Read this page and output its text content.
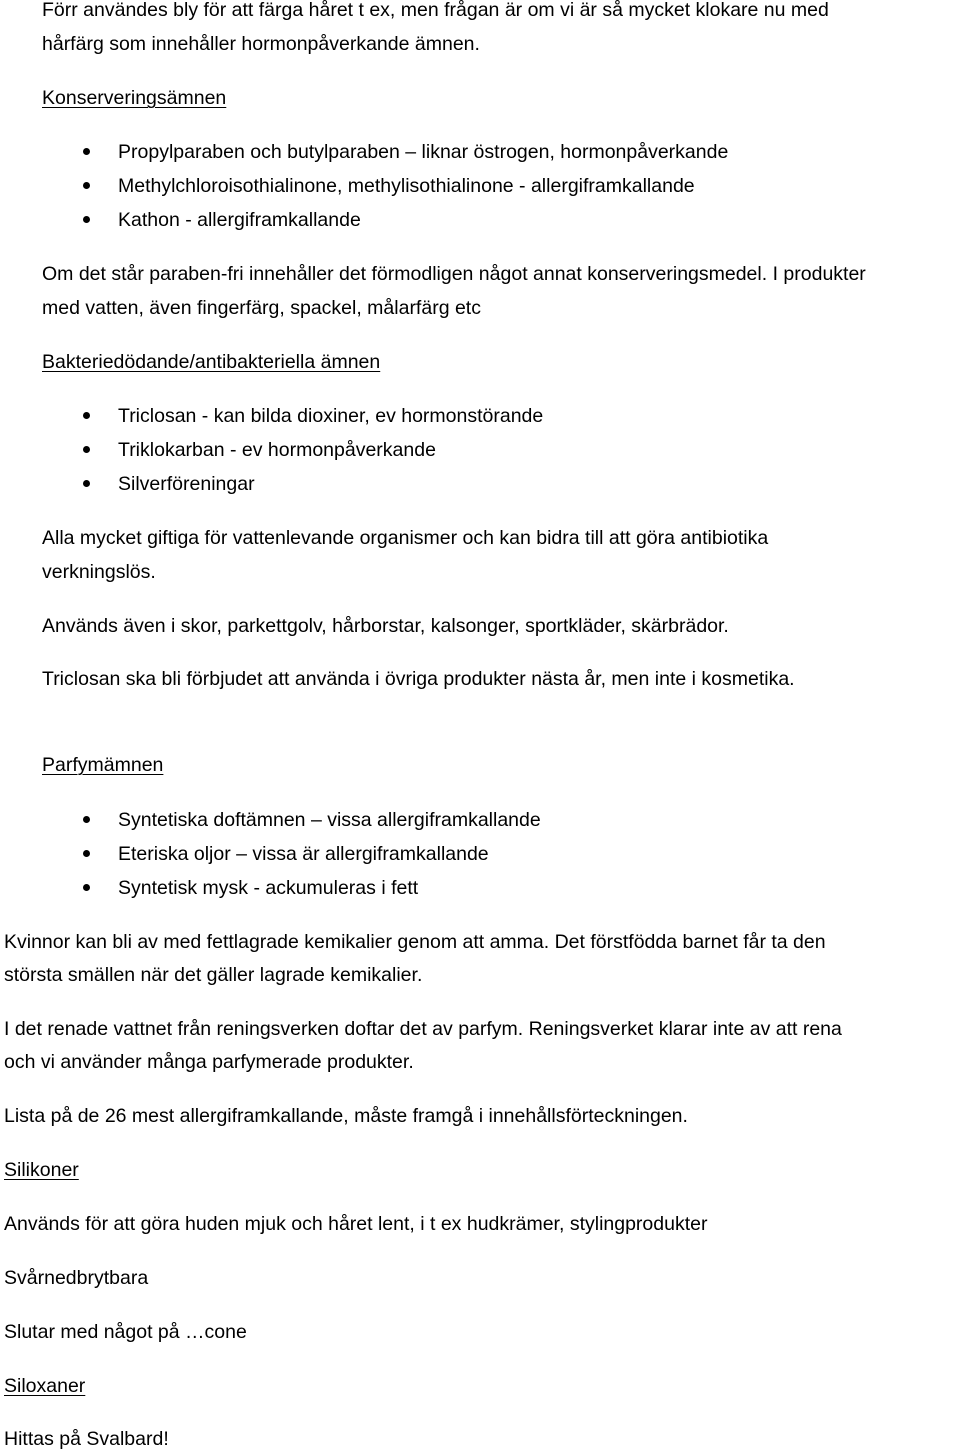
Förr användes bly för att färga håret t ex, men frågan är om vi är så mycket klokare nu med

hårfärg som innehåller hormonpåverkande ämnen.

Konserveringsämnen

Propylparaben och butylparaben – liknar östrogen, hormonpåverkande

Methylchloroisothialinone, methylisothialinone - allergiframkallande

Kathon - allergiframkallande

Om det står paraben-fri innehåller det förmodligen något annat konserveringsmedel. I produkter

med vatten, även fingerfärg, spackel, målarfärg etc

Bakteriedödande/antibakteriella ämnen

Triclosan - kan bilda dioxiner, ev hormonstörande

Triklokarban - ev hormonpåverkande

Silverföreningar

Alla mycket giftiga för vattenlevande organismer och kan bidra till att göra antibiotika

verkningslös.

Används även i skor, parkettgolv, hårborstar, kalsonger, sportkläder, skärbrädor.

Triclosan ska bli förbjudet att använda i övriga produkter nästa år, men inte i kosmetika.

Parfymämnen

Syntetiska doftämnen – vissa allergiframkallande

Eteriska oljor – vissa är allergiframkallande

Syntetisk mysk - ackumuleras i fett

Kvinnor kan bli av med fettlagrade kemikalier genom att amma. Det förstfödda barnet får ta den

största smällen när det gäller lagrade kemikalier.

I det renade vattnet från reningsverken doftar det av parfym. Reningsverket klarar inte av att rena

och vi använder många parfymerade produkter.

Lista på de 26 mest allergiframkallande, måste framgå i innehållsförteckningen.

Silikoner

Används för att göra huden mjuk och håret lent, i t ex hudkrämer, stylingprodukter

Svårnedbrytbara

Slutar med något på …cone

Siloxaner

Hittas på Svalbard!
